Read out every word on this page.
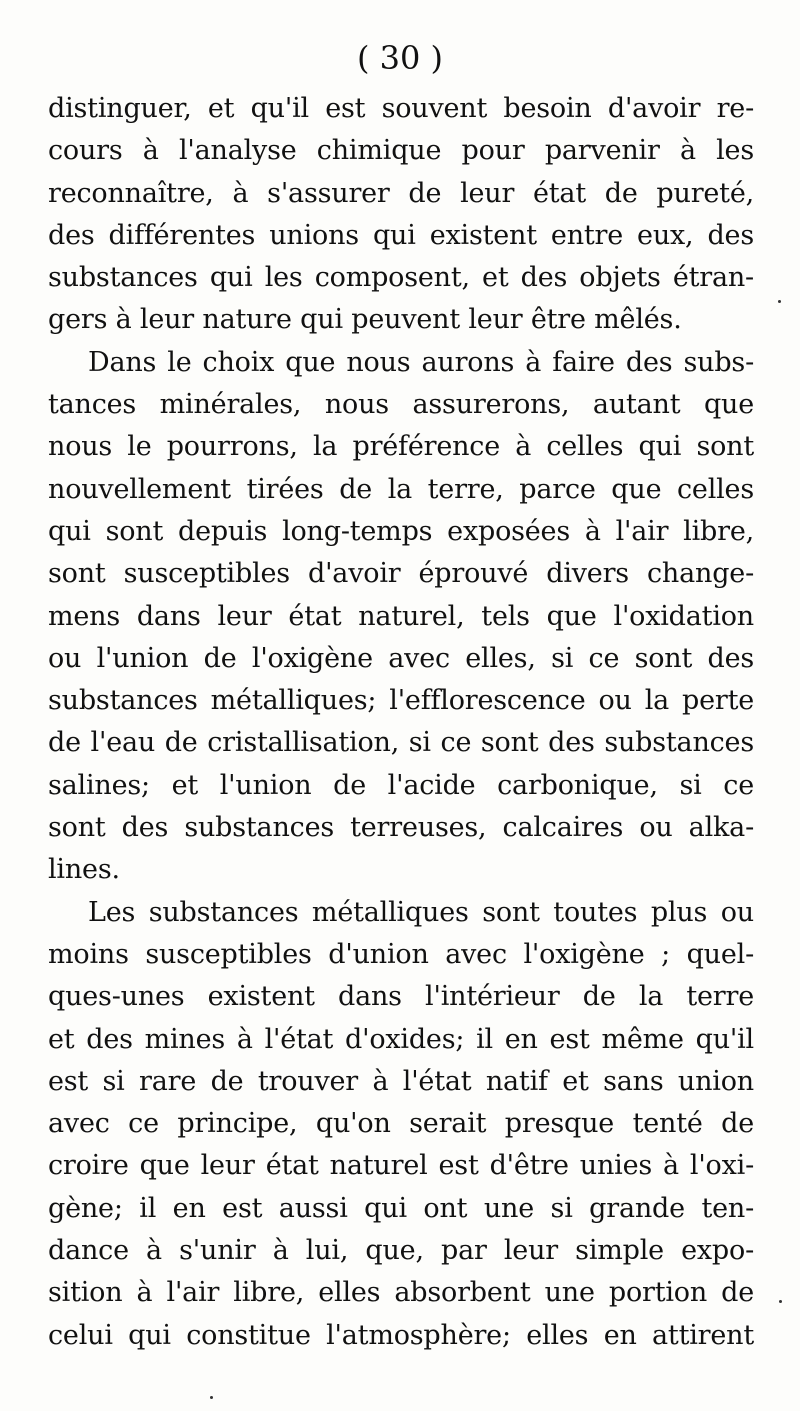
( 30 )
distinguer, et qu'il est souvent besoin d'avoir re-
cours à l'analyse chimique pour parvenir à les
reconnaître, à s'assurer de leur état de pureté,
des différentes unions qui existent entre eux, des
substances qui les composent, et des objets étran-
gers à leur nature qui peuvent leur être mêlés.
Dans le choix que nous aurons à faire des subs-
tances minérales, nous assurerons, autant que
nous le pourrons, la préférence à celles qui sont
nouvellement tirées de la terre, parce que celles
qui sont depuis long-temps exposées à l'air libre,
sont susceptibles d'avoir éprouvé divers change-
mens dans leur état naturel, tels que l'oxidation
ou l'union de l'oxigène avec elles, si ce sont des
substances métalliques; l'efflorescence ou la perte
de l'eau de cristallisation, si ce sont des substances
salines; et l'union de l'acide carbonique, si ce
sont des substances terreuses, calcaires ou alka-
lines.
Les substances métalliques sont toutes plus ou
moins susceptibles d'union avec l'oxigène ; quel-
ques-unes existent dans l'intérieur de la terre
et des mines à l'état d'oxides; il en est même qu'il
est si rare de trouver à l'état natif et sans union
avec ce principe, qu'on serait presque tenté de
croire que leur état naturel est d'être unies à l'oxi-
gène; il en est aussi qui ont une si grande ten-
dance à s'unir à lui, que, par leur simple expo-
sition à l'air libre, elles absorbent une portion de
celui qui constitue l'atmosphère; elles en attirent
